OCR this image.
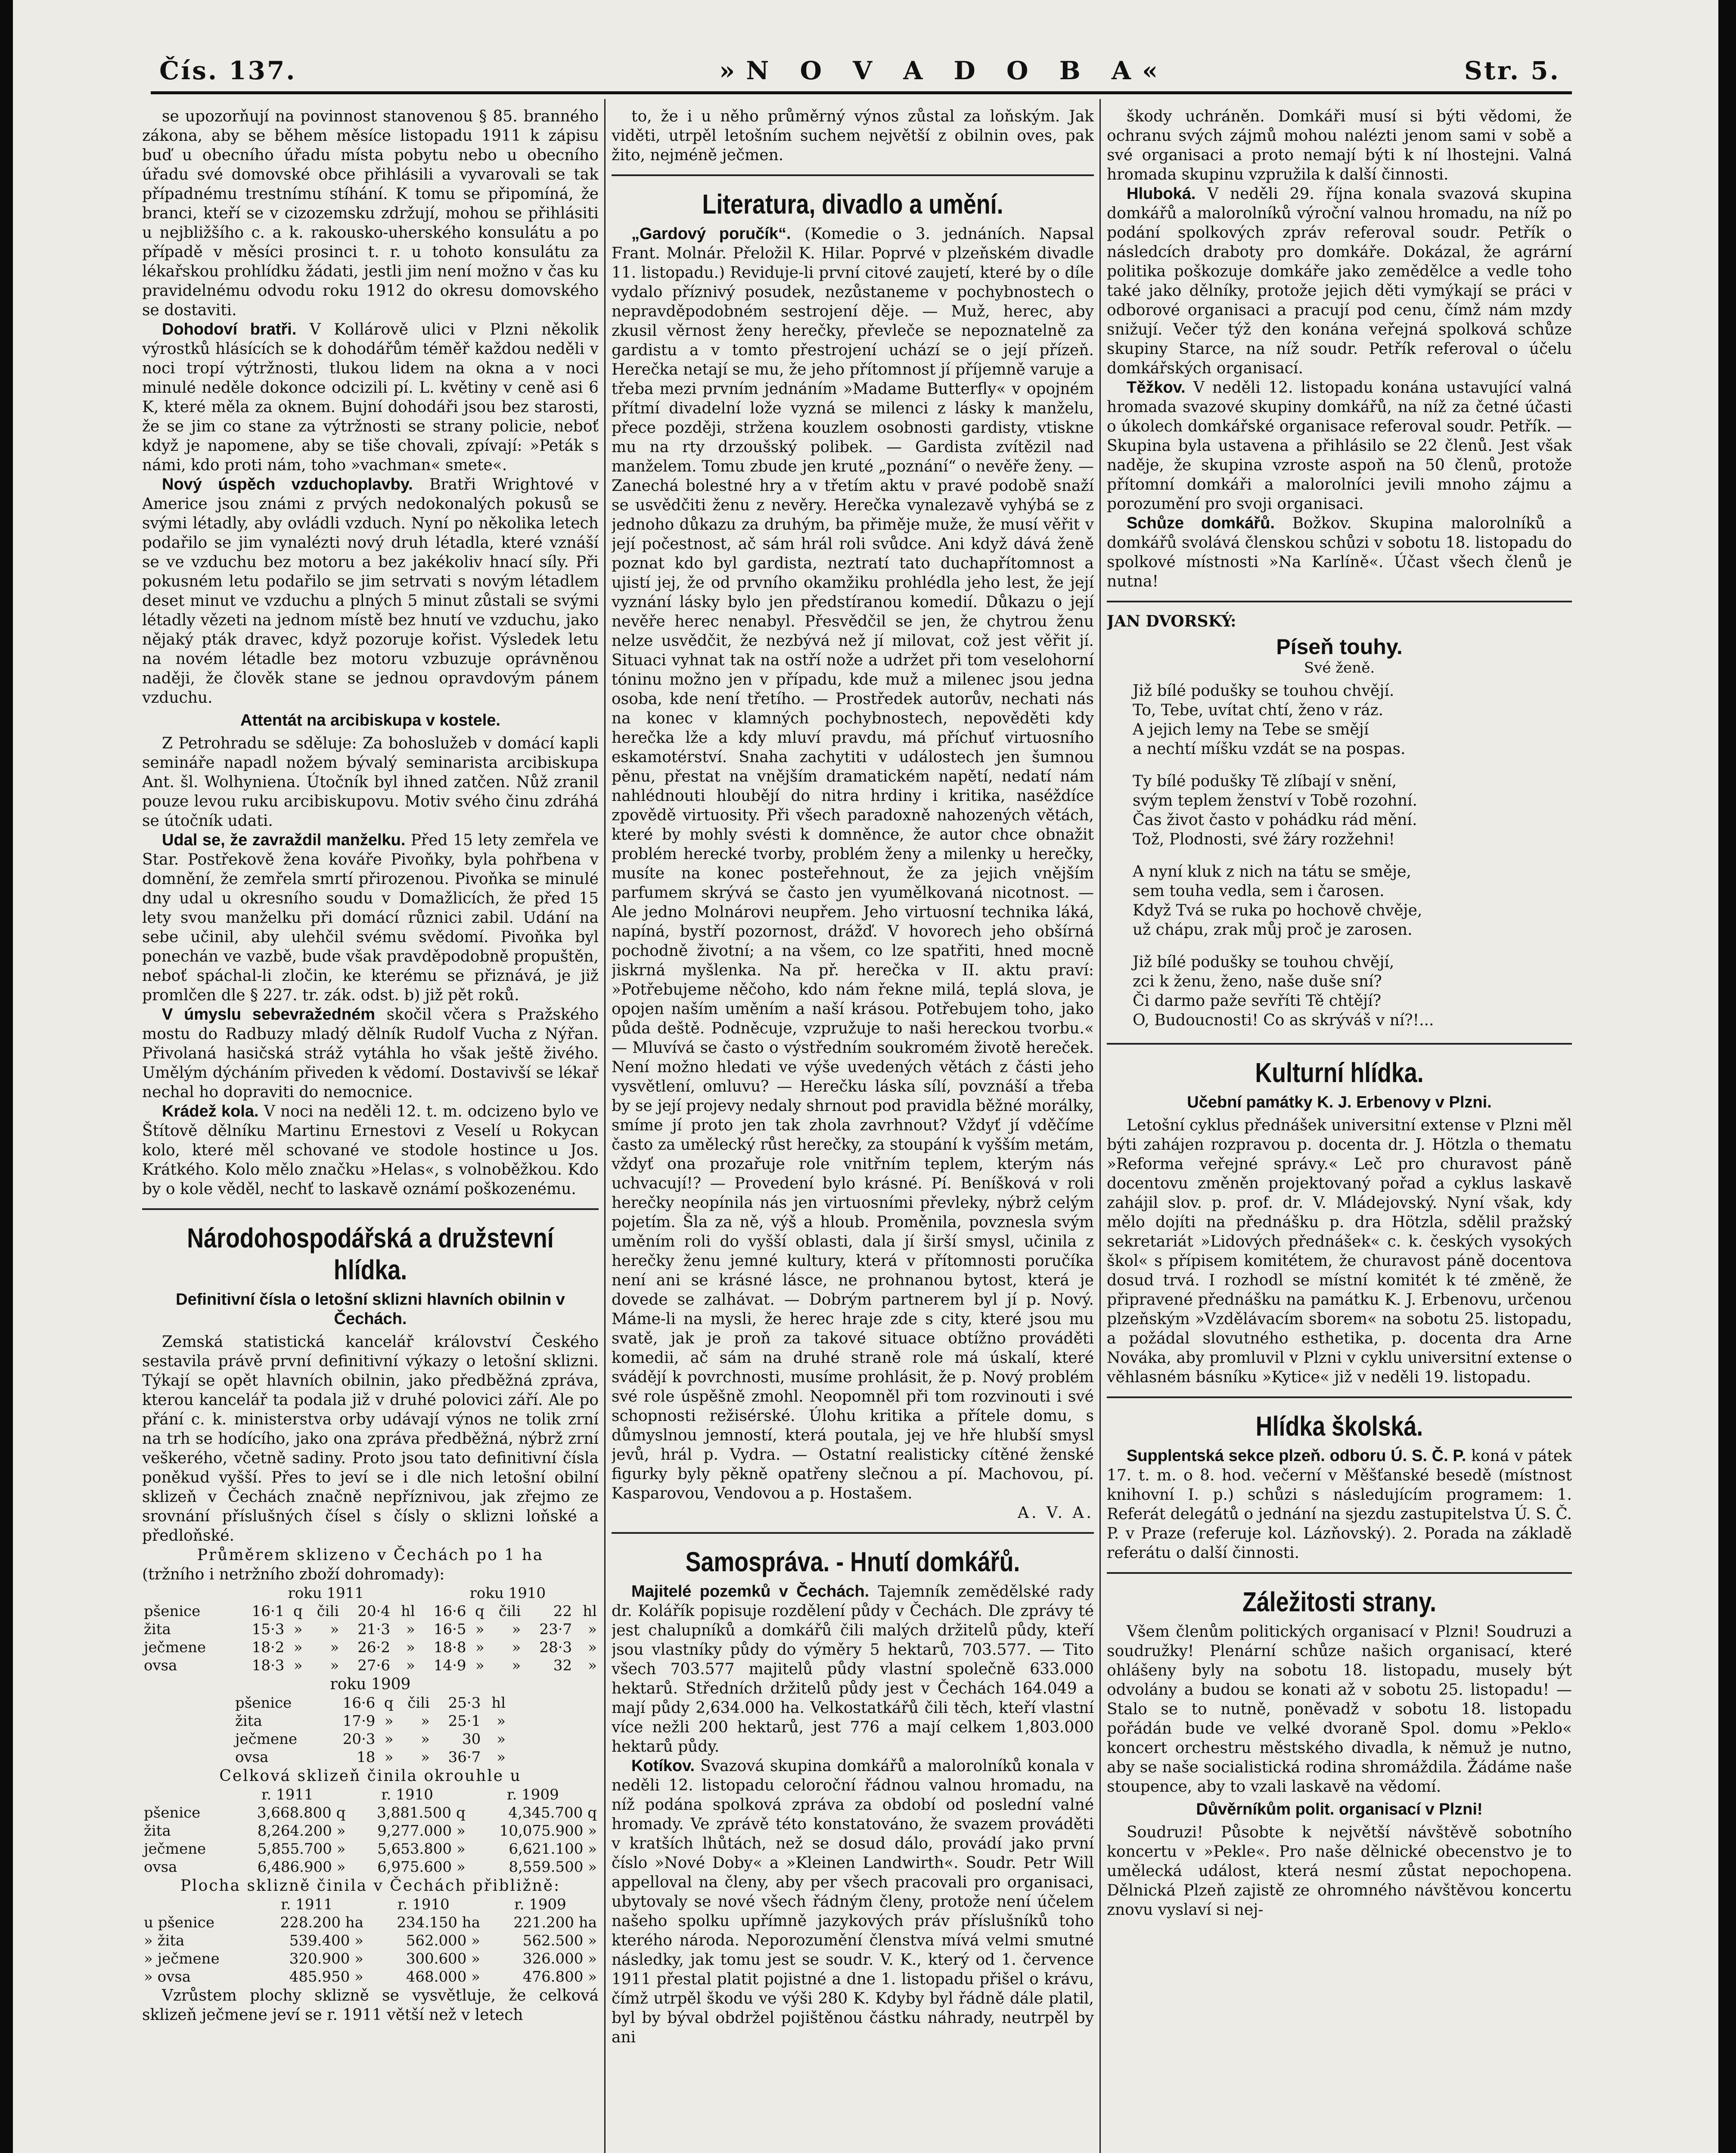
Čís. 137.	»N O V A D O B A«	Str. 5.

se upozorňují na povinnost stanovenou § 85. branného zákona, aby se během měsíce listopadu 1911 k zápisu buď u obecního úřadu místa pobytu nebo u obecního úřadu své domovské obce přihlásili a vyvarovali se tak případnému trestnímu stíhání. K tomu se připomíná, že branci, kteří se v cizozemsku zdržují, mohou se přihlásiti u nejbližšího c. a k. rakousko-uherského konsulátu a po případě v měsíci prosinci t. r. u tohoto konsulátu za lékařskou prohlídku žádati, jestli jim není možno v čas ku pravidelnému odvodu roku 1912 do okresu domovského se dostaviti.

Dohodoví bratři. V Kollárově ulici v Plzni několik výrostků hlásících se k dohodářům téměř každou neděli v noci tropí výtržnosti, tlukou lidem na okna a v noci minulé neděle dokonce odcizili pí. L. květiny v ceně asi 6 K, které měla za oknem. Bujní dohodáři jsou bez starosti, že se jim co stane za výtržnosti se strany policie, neboť když je napomene, aby se tiše chovali, zpívají: »Peták s námi, kdo proti nám, toho »vachman« smete«.

Nový úspěch vzduchoplavby. Bratři Wrightové v Americe jsou známi z prvých nedokonalých pokusů se svými létadly, aby ovládli vzduch. Nyní po několika letech podařilo se jim vynalézti nový druh létadla, které vznáší se ve vzduchu bez motoru a bez jakékoliv hnací síly. Při pokusném letu podařilo se jim setrvati s novým létadlem deset minut ve vzduchu a plných 5 minut zůstali se svými létadly vězeti na jednom místě bez hnutí ve vzduchu, jako nějaký pták dravec, když pozoruje kořist. Výsledek letu na novém létadle bez motoru vzbuzuje oprávněnou naději, že člověk stane se jednou opravdovým pánem vzduchu.

Attentát na arcibiskupa v kostele.

Z Petrohradu se sděluje: Za bohoslužeb v domácí kapli semináře napadl nožem bývalý seminarista arcibiskupa Ant. šl. Wolhyniena. Útočník byl ihned zatčen. Nůž zranil pouze levou ruku arcibiskupovu. Motiv svého činu zdráhá se útočník udati.

Udal se, že zavraždil manželku. Před 15 lety zemřela ve Star. Postřekově žena kováře Pivoňky, byla pohřbena v domnění, že zemřela smrtí přirozenou. Pivoňka se minulé dny udal u okresního soudu v Domažlicích, že před 15 lety svou manželku při domácí různici zabil. Udání na sebe učinil, aby ulehčil svému svědomí. Pivoňka byl ponechán ve vazbě, bude však pravděpodobně propuštěn, neboť spáchal-li zločin, ke kterému se přiznává, je již promlčen dle § 227. tr. zák. odst. b) již pět roků.

V úmyslu sebevražedném skočil včera s Pražského mostu do Radbuzy mladý dělník Rudolf Vucha z Nýřan. Přivolaná hasičská stráž vytáhla ho však ještě živého. Umělým dýcháním přiveden k vědomí. Dostavivší se lékař nechal ho dopraviti do nemocnice.

Krádež kola. V noci na neděli 12. t. m. odcizeno bylo ve Štítově dělníku Martinu Ernestovi z Veselí u Rokycan kolo, které měl schované ve stodole hostince u Jos. Krátkého. Kolo mělo značku »Helas«, s volnoběžkou. Kdo by o kole věděl, nechť to laskavě oznámí poškozenému.

Národohospodářská a družstevní hlídka.
Definitivní čísla o letošní sklizni hlavních obilnin v Čechách.

Zemská statistická kancelář království Českého sestavila právě první definitivní výkazy o letošní sklizni. Týkají se opět hlavních obilnin, jako předběžná zpráva, kterou kancelář ta podala již v druhé polovici září. Ale po přání c. k. ministerstva orby udávají výnos ne tolik zrní na trh se hodícího, jako ona zpráva předběžná, nýbrž zrní veškerého, včetně sadiny. Proto jsou tato definitivní čísla poněkud vyšší. Přes to jeví se i dle nich letošní obilní sklizeň v Čechách značně nepříznivou, jak zřejmo ze srovnání příslušných čísel s čísly o sklizni loňské a předloňské.

Průměrem sklizeno v Čechách po 1 ha
(tržního i netržního zboží dohromady):
	roku 1911					roku 1910				
pšenice	16·1	q	čili	20·4	hl	16·6	q	čili	22	hl
žita	15·3	»	»	21·3	»	16·5	»	»	23·7	»
ječmene	18·2	»	»	26·2	»	18·8	»	»	28·3	»
ovsa	18·3	»	»	27·6	»	14·9	»	»	32	»
roku 1909
pšenice	16·6	q	čili	25·3	hl
žita	17·9	»	»	25·1	»
ječmene	20·3	»	»	30	»
ovsa	18	»	»	36·7	»
Celková sklizeň činila okrouhle u
	r. 1911	r. 1910	r. 1909
pšenice	3,668.800 q	3,881.500 q	4,345.700 q
žita	8,264.200 »	9,277.000 »	10,075.900 »
ječmene	5,855.700 »	5,653.800 »	6,621.100 »
ovsa	6,486.900 »	6,975.600 »	8,559.500 »
Plocha sklizně činila v Čechách přibližně:
	r. 1911	r. 1910	r. 1909
u pšenice	228.200 ha	234.150 ha	221.200 ha
» žita	539.400 »	562.000 »	562.500 »
» ječmene	320.900 »	300.600 »	326.000 »
» ovsa	485.950 »	468.000 »	476.800 »

Vzrůstem plochy sklizně se vysvětluje, že celková sklizeň ječmene jeví se r. 1911 větší než v letech

to, že i u něho průměrný výnos zůstal za loňským. Jak viděti, utrpěl letošním suchem největší z obilnin oves, pak žito, nejméně ječmen.

Literatura, divadlo a umění.

„Gardový poručík“. (Komedie o 3. jednáních. Napsal Frant. Molnár. Přeložil K. Hilar. Poprvé v plzeňském divadle 11. listopadu.) Reviduje-li první citové zaujetí, které by o díle vydalo příznivý posudek, nezůstaneme v pochybnostech o nepravděpodobném sestrojení děje. — Muž, herec, aby zkusil věrnost ženy herečky, převleče se nepoznatelně za gardistu a v tomto přestrojení uchází se o její přízeň. Herečka netají se mu, že jeho přítomnost jí příjemně varuje a třeba mezi prvním jednáním »Madame Butterfly« v opojném přítmí divadelní lože vyzná se milenci z lásky k manželu, přece později, stržena kouzlem osobnosti gardisty, vtiskne mu na rty drzoušský polibek. — Gardista zvítězil nad manželem. Tomu zbude jen kruté „poznání“ o nevěře ženy. — Zanechá bolestné hry a v třetím aktu v pravé podobě snaží se usvědčiti ženu z nevěry. Herečka vynalezavě vyhýbá se z jednoho důkazu za druhým, ba přiměje muže, že musí věřit v její počestnost, ač sám hrál roli svůdce. Ani když dává ženě poznat kdo byl gardista, neztratí tato duchapřítomnost a ujistí jej, že od prvního okamžiku prohlédla jeho lest, že její vyznání lásky bylo jen předstíranou komedií. Důkazu o její nevěře herec nenabyl. Přesvědčil se jen, že chytrou ženu nelze usvědčit, že nezbývá než jí milovat, což jest věřit jí. Situaci vyhnat tak na ostří nože a udržet při tom veselohorní tóninu možno jen v případu, kde muž a milenec jsou jedna osoba, kde není třetího. — Prostředek autorův, nechati nás na konec v klamných pochybnostech, nepověděti kdy herečka lže a kdy mluví pravdu, má příchuť virtuosního eskamotérství. Snaha zachytiti v událostech jen šumnou pěnu, přestat na vnějším dramatickém napětí, nedatí nám nahlédnouti hloubějí do nitra hrdiny i kritika, naséždíce zpovědě virtuosity. Při všech paradoxně nahozených větách, které by mohly svésti k domněnce, že autor chce obnažit problém herecké tvorby, problém ženy a milenky u herečky, musíte na konec posteřehnout, že za jejich vnějším parfumem skrývá se často jen vyumělkovaná nicotnost. — Ale jedno Molnárovi neupřem. Jeho virtuosní technika láká, napíná, bystří pozornost, drážď. V hovorech jeho obšírná pochodně životní; a na všem, co lze spatřiti, hned mocně jiskrná myšlenka. Na př. herečka v II. aktu praví: »Potřebujeme něčoho, kdo nám řekne milá, teplá slova, je opojen naším uměním a naší krásou. Potřebujem toho, jako půda deště. Podněcuje, vzpružuje to naši hereckou tvorbu.« — Mluvívá se často o výstředním soukromém životě hereček. Není možno hledati ve výše uvedených větách z části jeho vysvětlení, omluvu? — Herečku láska sílí, povznáší a třeba by se její projevy nedaly shrnout pod pravidla běžné morálky, smíme jí proto jen tak zhola zavrhnout? Vždyť jí vděčíme často za umělecký růst herečky, za stoupání k vyšším metám, vždyť ona prozařuje role vnitřním teplem, kterým nás uchvacují!? — Provedení bylo krásné. Pí. Beníšková v roli herečky neopínila nás jen virtuosními převleky, nýbrž celým pojetím. Šla za ně, výš a hloub. Proměnila, povznesla svým uměním roli do vyšší oblasti, dala jí širší smysl, učinila z herečky ženu jemné kultury, která v přítomnosti poručíka není ani se krásné lásce, ne prohnanou bytost, která je dovede se zalhávat. — Dobrým partnerem byl jí p. Nový. Máme-li na mysli, že herec hraje zde s city, které jsou mu svatě, jak je proň za takové situace obtížno prováděti komedii, ač sám na druhé straně role má úskalí, které svádějí k povrchnosti, musíme prohlásit, že p. Nový problém své role úspěšně zmohl. Neopomněl při tom rozvinouti i své schopnosti režisérské. Úlohu kritika a přítele domu, s důmyslnou jemností, která poutala, jej ve hře hlubší smysl jevů, hrál p. Vydra. — Ostatní realisticky cítěné ženské figurky byly pěkně opatřeny slečnou a pí. Machovou, pí. Kasparovou, Vendovou a p. Hostašem.

A. V. A.
Samospráva. - Hnutí domkářů.

Majitelé pozemků v Čechách. Tajemník zemědělské rady dr. Kolářík popisuje rozdělení půdy v Čechách. Dle zprávy té jest chalupníků a domkářů čili malých držitelů půdy, kteří jsou vlastníky půdy do výměry 5 hektarů, 703.577. — Tito všech 703.577 majitelů půdy vlastní společně 633.000 hektarů. Středních držitelů půdy jest v Čechách 164.049 a mají půdy 2,634.000 ha. Velkostatkářů čili těch, kteří vlastní více nežli 200 hektarů, jest 776 a mají celkem 1,803.000 hektarů půdy.

Kotíkov. Svazová skupina domkářů a malorolníků konala v neděli 12. listopadu celoroční řádnou valnou hromadu, na níž podána spolková zpráva za období od poslední valné hromady. Ve zprávě této konstatováno, že svazem prováděti v kratších lhůtách, než se dosud dálo, provádí jako první číslo »Nové Doby« a »Kleinen Landwirth«. Soudr. Petr Will appelloval na členy, aby per všech pracovali pro organisaci, ubytovaly se nové všech řádným členy, protože není účelem našeho spolku upřímně jazykových práv příslušníků toho kterého národa. Neporozumění členstva mívá velmi smutné následky, jak tomu jest se soudr. V. K., který od 1. července 1911 přestal platit pojistné a dne 1. listopadu přišel o krávu, čímž utrpěl škodu ve výši 280 K. Kdyby byl řádně dále platil, byl by býval obdržel pojištěnou částku náhrady, neutrpěl by ani

škody uchráněn. Domkáři musí si býti vědomi, že ochranu svých zájmů mohou nalézti jenom sami v sobě a své organisaci a proto nemají býti k ní lhostejni. Valná hromada skupinu vzpružila k další činnosti.

Hluboká. V neděli 29. října konala svazová skupina domkářů a malorolníků výroční valnou hromadu, na níž po podání spolkových zpráv referoval soudr. Petřík o následcích draboty pro domkáře. Dokázal, že agrární politika poškozuje domkáře jako zemědělce a vedle toho také jako dělníky, protože jejich děti vymýkají se práci v odborové organisaci a pracují pod cenu, čímž nám mzdy snižují. Večer týž den konána veřejná spolková schůze skupiny Starce, na níž soudr. Petřík referoval o účelu domkářských organisací.

Těžkov. V neděli 12. listopadu konána ustavující valná hromada svazové skupiny domkářů, na níž za četné účasti o úkolech domkářské organisace referoval soudr. Petřík. — Skupina byla ustavena a přihlásilo se 22 členů. Jest však naděje, že skupina vzroste aspoň na 50 členů, protože přítomní domkáři a malorolníci jevili mnoho zájmu a porozumění pro svoji organisaci.

Schůze domkářů. Božkov. Skupina malorolníků a domkářů svolává členskou schůzi v sobotu 18. listopadu do spolkové místnosti »Na Karlíně«. Účast všech členů je nutna!

JAN DVORSKÝ:

Píseň touhy.
Své ženě.
Již bílé podušky se touhou chvějí.
To, Tebe, uvítat chtí, ženo v ráz.
A jejich lemy na Tebe se smějí
a nechtí míšku vzdát se na pospas.
Ty bílé podušky Tě zlíbají v snění,
svým teplem ženství v Tobě rozohní.
Čas život často v pohádku rád mění.
Tož, Plodnosti, své žáry rozžehni!
A nyní kluk z nich na tátu se směje,
sem touha vedla, sem i čarosen.
Když Tvá se ruka po hochově chvěje,
už chápu, zrak můj proč je zarosen.
Již bílé podušky se touhou chvějí,
zci k ženu, ženo, naše duše sní?
Či darmo paže sevříti Tě chtějí?
O, Budoucnosti! Co as skrýváš v ní?!...
Kulturní hlídka.
Učební památky K. J. Erbenovy v Plzni.

Letošní cyklus přednášek universitní extense v Plzni měl býti zahájen rozpravou p. docenta dr. J. Hötzla o thematu »Reforma veřejné správy.« Leč pro churavost páně docentovu změněn projektovaný pořad a cyklus laskavě zahájil slov. p. prof. dr. V. Mládejovský. Nyní však, kdy mělo dojíti na přednášku p. dra Hötzla, sdělil pražský sekretariát »Lidových přednášek« c. k. českých vysokých škol« s přípisem komitétem, že churavost páně docentova dosud trvá. I rozhodl se místní komitét k té změně, že připravené přednášku na památku K. J. Erbenovu, určenou plzeňským »Vzdělávacím sborem« na sobotu 25. listopadu, a požádal slovutného esthetika, p. docenta dra Arne Nováka, aby promluvil v Plzni v cyklu universitní extense o věhlasném básníku »Kytice« již v neděli 19. listopadu.

Hlídka školská.

Supplentská sekce plzeň. odboru Ú. S. Č. P. koná v pátek 17. t. m. o 8. hod. večerní v Měšťanské besedě (místnost knihovní I. p.) schůzi s následujícím programem: 1. Referát delegátů o jednání na sjezdu zastupitelstva Ú. S. Č. P. v Praze (referuje kol. Lázňovský). 2. Porada na základě referátu o další činnosti.

Záležitosti strany.

Všem členům politických organisací v Plzni! Soudruzi a soudružky! Plenární schůze našich organisací, které ohlášeny byly na sobotu 18. listopadu, musely být odvolány a budou se konati až v sobotu 25. listopadu! — Stalo se to nutně, poněvadž v sobotu 18. listopadu pořádán bude ve velké dvoraně Spol. domu »Peklo« koncert orchestru městského divadla, k němuž je nutno, aby se naše socialistická rodina shromáždila. Žádáme naše stoupence, aby to vzali laskavě na vědomí.

Důvěrníkům polit. organisací v Plzni!

Soudruzi! Působte k největší návštěvě sobotního koncertu v »Pekle«. Pro naše dělnické obecenstvo je to umělecká událost, která nesmí zůstat nepochopena. Dělnická Plzeň zajistě ze ohromného návštěvou koncertu znovu vyslaví si nej-
